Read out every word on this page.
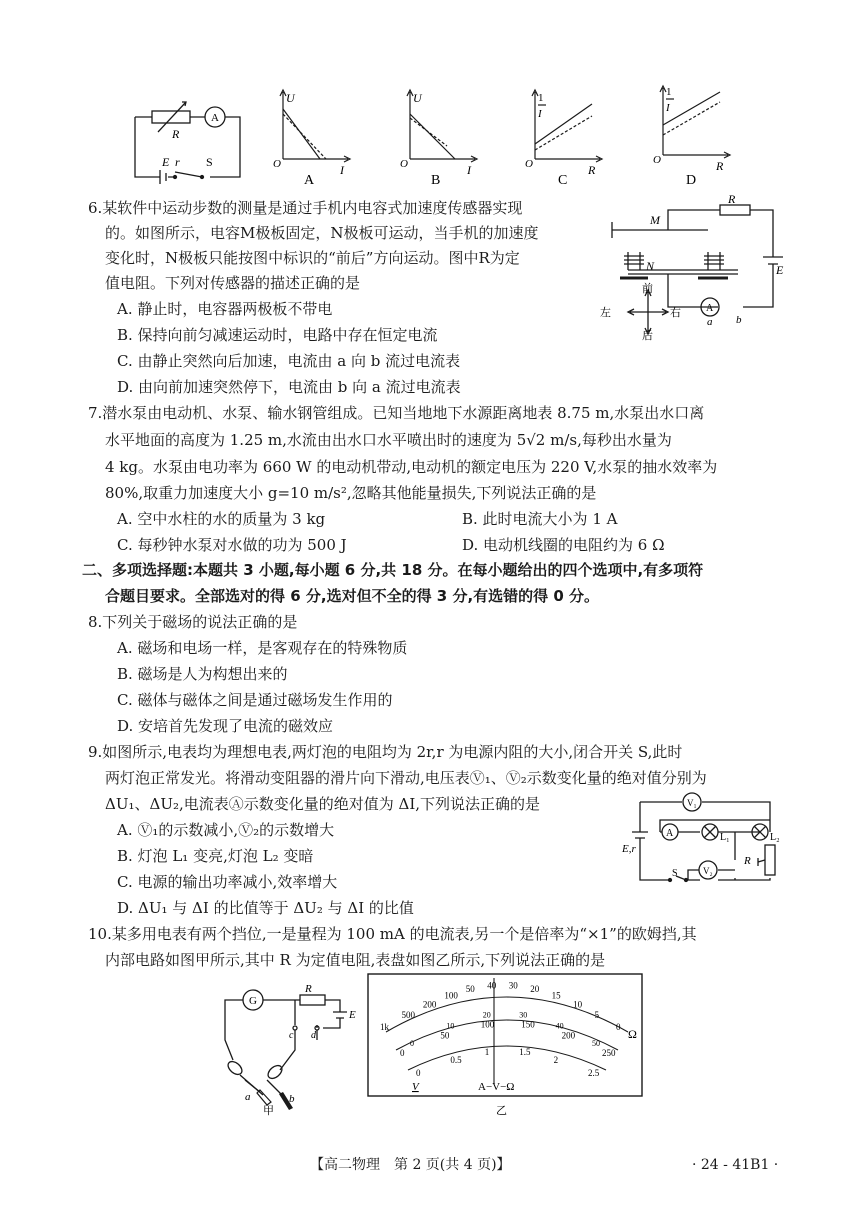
R
A
E r S
U
O	I
A
U
O	I
B
1
I
O	R
C
1
I
O	R
D
6.某软件中运动步数的测量是通过手机内电容式加速度传感器实现
的。如图所示，电容M极板固定，N极板可运动，当手机的加速度
变化时，N极板只能按图中标识的“前后”方向运动。图中R为定
值电阻。下列对传感器的描述正确的是
A. 静止时，电容器两极板不带电
B. 保持向前匀减速运动时，电路中存在恒定电流
C. 由静止突然向后加速，电流由 a 向 b 流过电流表
D. 由向前加速突然停下，电流由 b 向 a 流过电流表
M
N
R
E
A
a b
前
后
左	右
7.潜水泵由电动机、水泵、输水钢管组成。已知当地地下水源距离地表 8.75 m,水泵出水口离
水平地面的高度为 1.25 m,水流由出水口水平喷出时的速度为 5√2 m/s,每秒出水量为
4 kg。水泵由电功率为 660 W 的电动机带动,电动机的额定电压为 220 V,水泵的抽水效率为
80%,取重力加速度大小 g=10 m/s²,忽略其他能量损失,下列说法正确的是
A. 空中水柱的水的质量为 3 kg	B. 此时电流大小为 1 A
C. 每秒钟水泵对水做的功为 500 J	D. 电动机线圈的电阻约为 6 Ω
二、多项选择题:本题共 3 小题,每小题 6 分,共 18 分。在每小题给出的四个选项中,有多项符
合题目要求。全部选对的得 6 分,选对但不全的得 3 分,有选错的得 0 分。
8.下列关于磁场的说法正确的是
A. 磁场和电场一样，是客观存在的特殊物质
B. 磁场是人为构想出来的
C. 磁体与磁体之间是通过磁场发生作用的
D. 安培首先发现了电流的磁效应
9.如图所示,电表均为理想电表,两灯泡的电阻均为 2r,r 为电源内阻的大小,闭合开关 S,此时
两灯泡正常发光。将滑动变阻器的滑片向下滑动,电压表Ⓥ₁、Ⓥ₂示数变化量的绝对值分别为
ΔU₁、ΔU₂,电流表Ⓐ示数变化量的绝对值为 ΔI,下列说法正确的是
A. Ⓥ₁的示数减小,Ⓥ₂的示数增大
B. 灯泡 L₁ 变亮,灯泡 L₂ 变暗
C. 电源的输出功率减小,效率增大
D. ΔU₁ 与 ΔI 的比值等于 ΔU₂ 与 ΔI 的比值
V₁
A	L₁	L₂
E,r
R
V₂
S
10.某多用电表有两个挡位,一是量程为 100 mA 的电流表,另一个是倍率为“×1”的欧姆挡,其
内部电路如图甲所示,其中 R 为定值电阻,表盘如图乙所示,下列说法正确的是
G
R
E
c d
a	b
甲
1k
500
200
100
50 40 30 20
15
10
5
0
0
50
100	150
200
250
0
10
20	30
40
50
0
0.5
1	1.5
2
2.5
Ω
V	A−V−Ω
乙
【高二物理　第 2 页(共 4 页)】	· 24 - 41B1 ·
